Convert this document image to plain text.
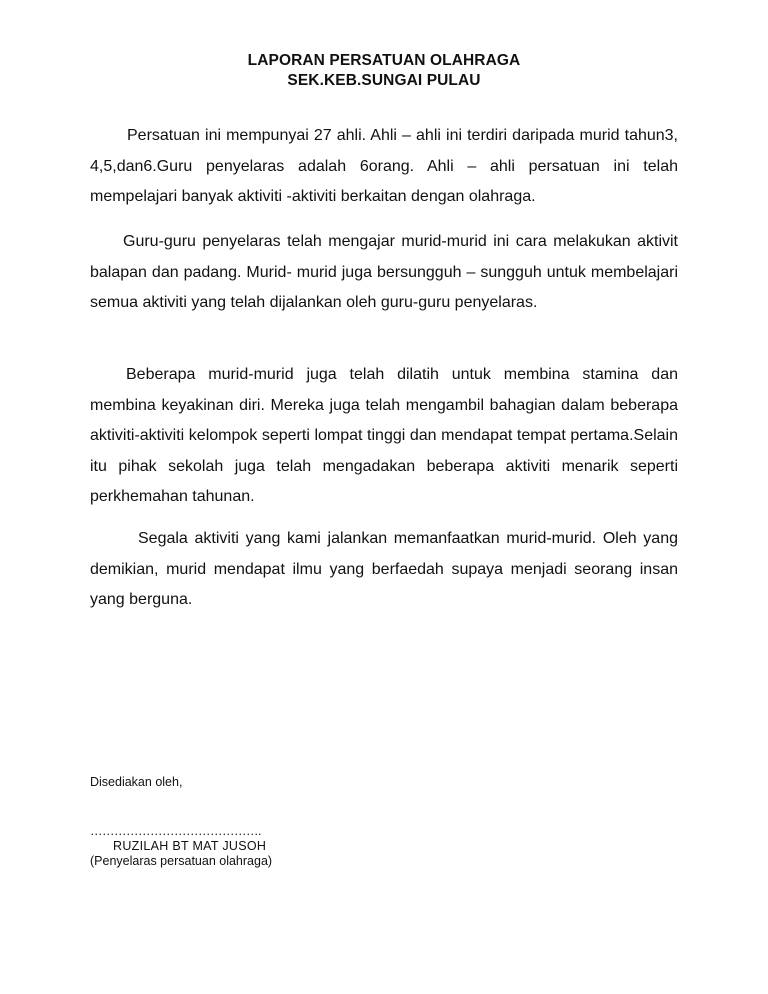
LAPORAN PERSATUAN OLAHRAGA
SEK.KEB.SUNGAI PULAU

Persatuan ini mempunyai 27 ahli. Ahli – ahli ini terdiri daripada murid tahun3, 4,5,dan6.Guru penyelaras adalah 6orang. Ahli – ahli persatuan ini telah mempelajari banyak aktiviti -aktiviti berkaitan dengan olahraga.

Guru-guru penyelaras telah mengajar murid-murid ini cara melakukan aktivit balapan dan padang. Murid- murid juga bersungguh – sungguh untuk membelajari semua aktiviti yang telah dijalankan oleh guru-guru penyelaras.

Beberapa murid-murid juga telah dilatih untuk membina stamina dan membina keyakinan diri. Mereka juga telah mengambil bahagian dalam beberapa aktiviti-aktiviti kelompok seperti lompat tinggi dan mendapat tempat pertama.Selain itu pihak sekolah juga telah mengadakan beberapa aktiviti menarik seperti perkhemahan tahunan.

Segala aktiviti yang kami jalankan memanfaatkan murid-murid. Oleh yang demikian, murid mendapat ilmu yang berfaedah supaya menjadi seorang insan yang berguna.

Disediakan oleh,
…………………………………….
RUZILAH BT MAT JUSOH
(Penyelaras persatuan olahraga)
